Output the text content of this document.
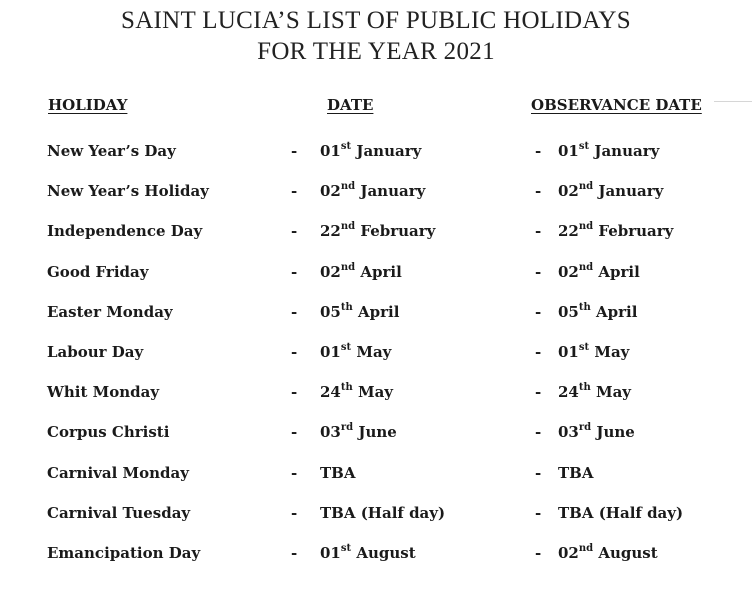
SAINT LUCIA’S LIST OF PUBLIC HOLIDAYS
FOR THE YEAR 2021
HOLIDAY	DATE	OBSERVANCE DATE
New Year’s Day	- 01st January	- 01st January
New Year’s Holiday	- 02nd January	- 02nd January
Independence Day	- 22nd February	- 22nd February
Good Friday	- 02nd April	- 02nd April
Easter Monday	- 05th April	- 05th April
Labour Day	- 01st May	- 01st May
Whit Monday	- 24th May	- 24th May
Corpus Christi	- 03rd June	- 03rd June
Carnival Monday	- TBA	- TBA
Carnival Tuesday	- TBA (Half day)	- TBA (Half day)
Emancipation Day	- 01st August	- 02nd August
